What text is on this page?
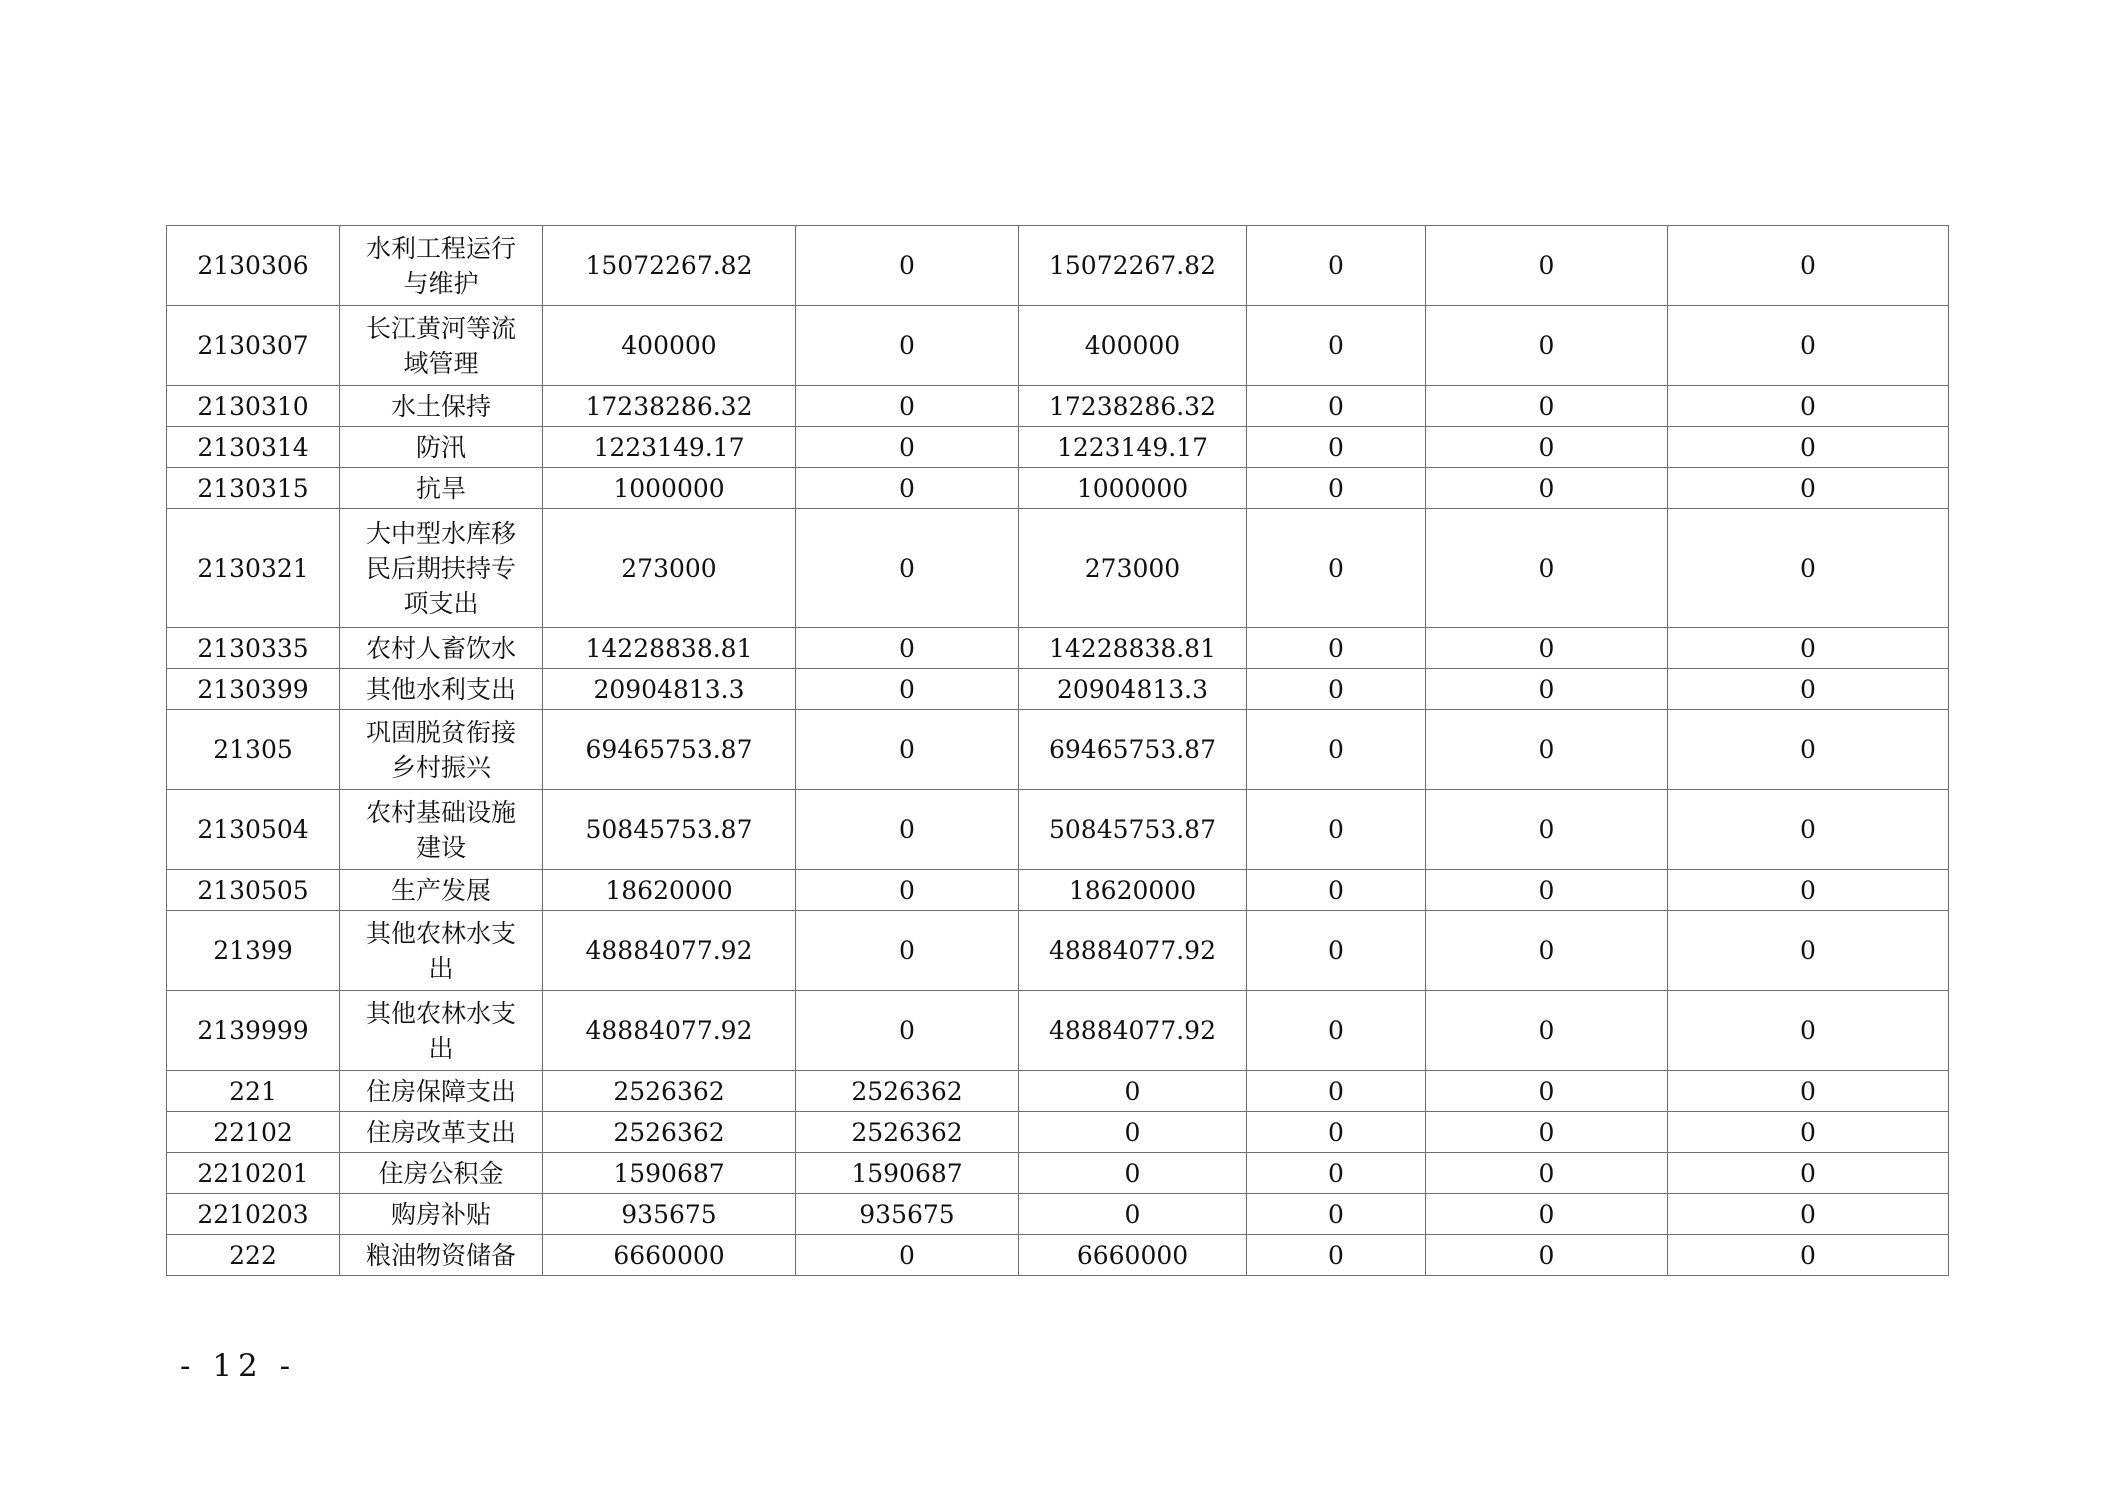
2130306	水利工程运行与维护	15072267.82	0	15072267.82	0	0	0
2130307	长江黄河等流域管理	400000	0	400000	0	0	0
2130310	水土保持	17238286.32	0	17238286.32	0	0	0
2130314	防汛	1223149.17	0	1223149.17	0	0	0
2130315	抗旱	1000000	0	1000000	0	0	0
2130321	大中型水库移民后期扶持专项支出	273000	0	273000	0	0	0
2130335	农村人畜饮水	14228838.81	0	14228838.81	0	0	0
2130399	其他水利支出	20904813.3	0	20904813.3	0	0	0
21305	巩固脱贫衔接乡村振兴	69465753.87	0	69465753.87	0	0	0
2130504	农村基础设施建设	50845753.87	0	50845753.87	0	0	0
2130505	生产发展	18620000	0	18620000	0	0	0
21399	其他农林水支出	48884077.92	0	48884077.92	0	0	0
2139999	其他农林水支出	48884077.92	0	48884077.92	0	0	0
221	住房保障支出	2526362	2526362	0	0	0	0
22102	住房改革支出	2526362	2526362	0	0	0	0
2210201	住房公积金	1590687	1590687	0	0	0	0
2210203	购房补贴	935675	935675	0	0	0	0
222	粮油物资储备	6660000	0	6660000	0	0	0
- 12 -
